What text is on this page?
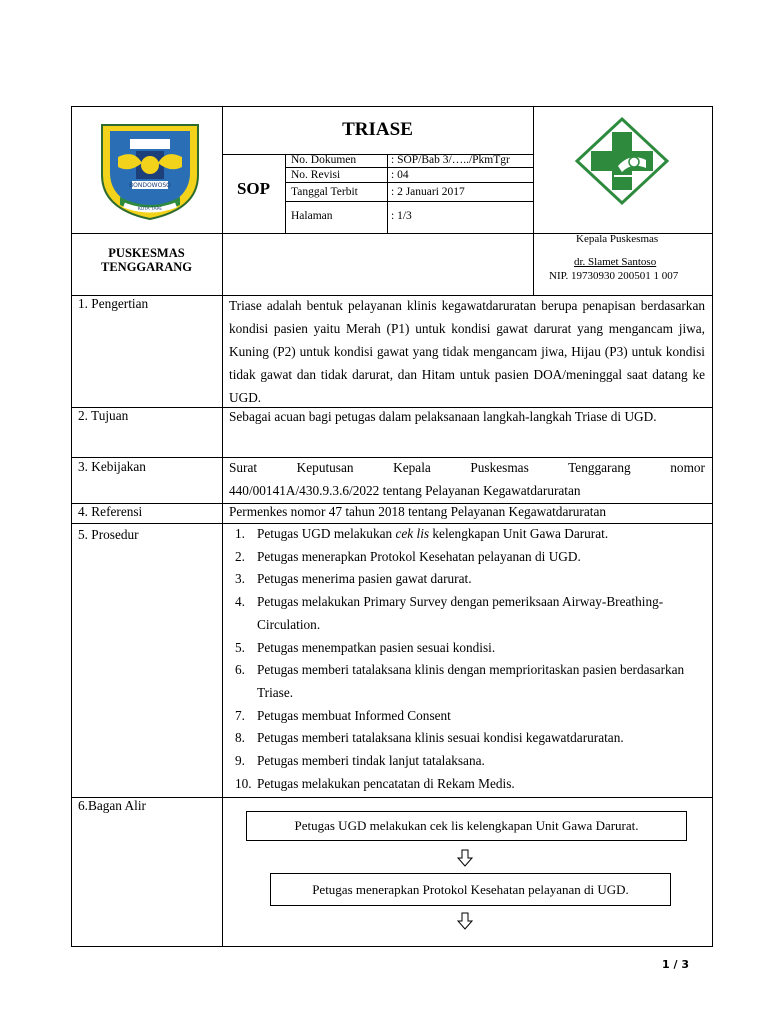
BONDOWOSO
KOTA TAPE
TRIASE
SOP
No. Dokumen	: SOP/Bab 3/…../PkmTgr
No. Revisi	: 04
Tanggal Terbit	: 2 Januari 2017
Halaman	: 1/3
PUSKESMAS
TENGGARANG
Kepala Puskesmas
dr. Slamet Santoso
NIP. 19730930 200501 1 007
1. Pengertian	Triase adalah bentuk pelayanan klinis kegawatdaruratan berupa penapisan berdasarkan kondisi pasien yaitu Merah (P1) untuk kondisi gawat darurat yang mengancam jiwa, Kuning (P2) untuk kondisi gawat yang tidak mengancam jiwa, Hijau (P3) untuk kondisi tidak gawat dan tidak darurat, dan Hitam untuk pasien DOA/meninggal saat datang ke UGD.
2. Tujuan	Sebagai acuan bagi petugas dalam pelaksanaan langkah-langkah Triase di UGD.
3. Kebijakan	Surat Keputusan Kepala Puskesmas Tenggarang nomor
440/00141A/430.9.3.6/2022 tentang Pelayanan Kegawatdaruratan
4. Referensi	Permenkes nomor 47 tahun 2018 tentang Pelayanan Kegawatdaruratan
5. Prosedur	1. Petugas UGD melakukan cek lis kelengkapan Unit Gawa Darurat.
2. Petugas menerapkan Protokol Kesehatan pelayanan di UGD.
3. Petugas menerima pasien gawat darurat.
4. Petugas melakukan Primary Survey dengan pemeriksaan Airway-Breathing-Circulation.
5. Petugas menempatkan pasien sesuai kondisi.
6. Petugas memberi tatalaksana klinis dengan memprioritaskan pasien berdasarkan Triase.
7. Petugas membuat Informed Consent
8. Petugas memberi tatalaksana klinis sesuai kondisi kegawatdaruratan.
9. Petugas memberi tindak lanjut tatalaksana.
10. Petugas melakukan pencatatan di Rekam Medis.
6.Bagan Alir
Petugas UGD melakukan cek lis kelengkapan Unit Gawa Darurat.
Petugas menerapkan Protokol Kesehatan pelayanan di UGD.
1 / 3
